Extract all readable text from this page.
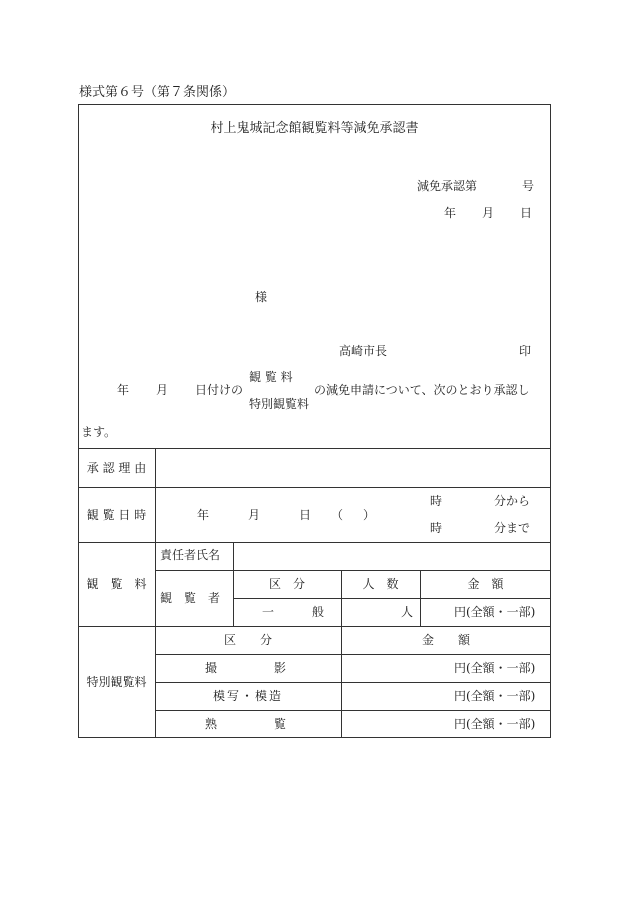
様式第６号（第７条関係）
村上鬼城記念館観覧料等減免承認書
減免承認第	号
年 月 日
様
高崎市長	印
観 覧 料
年 月 日付けの	の減免申請について、次のとおり承認し
特別観覧料
ます。
承 認 理 由
観 覧 日 時	年	月	日 （ ）
時	分から
時	分まで
観　覧　料
責任者氏名
観　覧　者
区　分	人　数	金　額
一	般	人	円(全額・一部)
特別観覧料
区　　分	金　　額
撮	影	円(全額・一部)
模写・模造	円(全額・一部)
熟	覧	円(全額・一部)
